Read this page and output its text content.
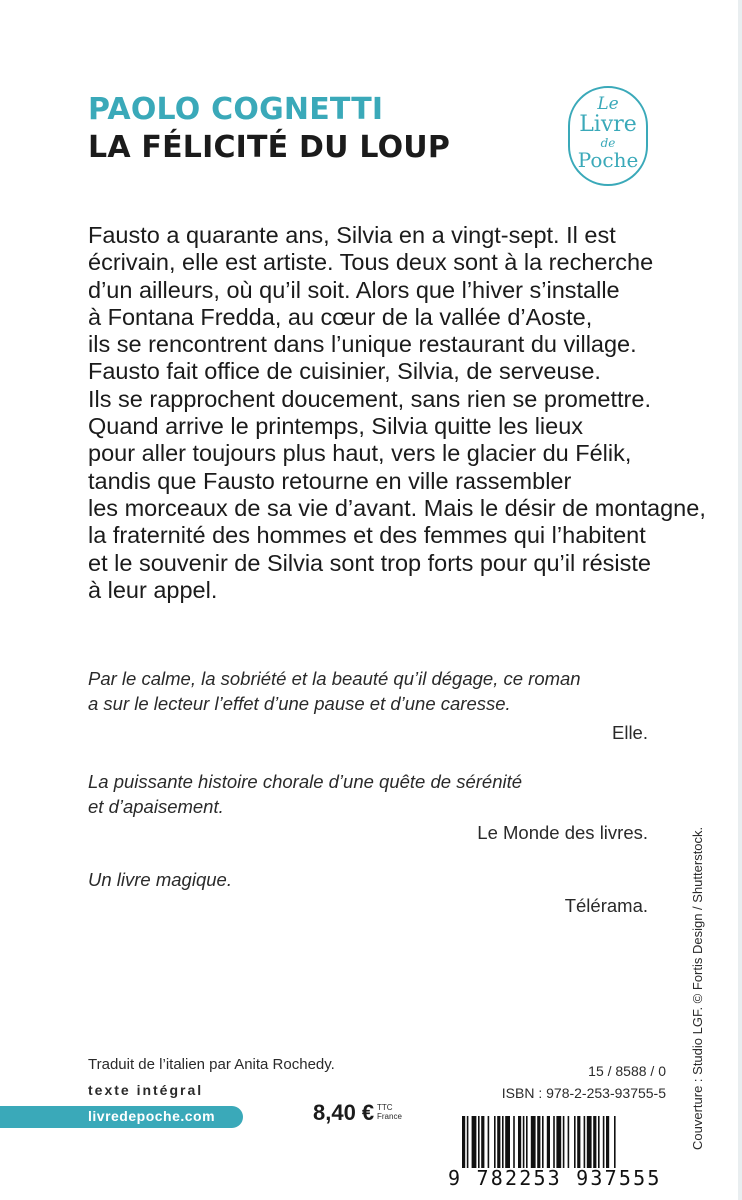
PAOLO COGNETTI
LA FÉLICITÉ DU LOUP
Le
Livre
de
Poche
Fausto a quarante ans, Silvia en a vingt-sept. Il est
écrivain, elle est artiste. Tous deux sont à la recherche
d’un ailleurs, où qu’il soit. Alors que l’hiver s’installe
à Fontana Fredda, au cœur de la vallée d’Aoste,
ils se rencontrent dans l’unique restaurant du village.
Fausto fait office de cuisinier, Silvia, de serveuse.
Ils se rapprochent doucement, sans rien se promettre.
Quand arrive le printemps, Silvia quitte les lieux
pour aller toujours plus haut, vers le glacier du Félik,
tandis que Fausto retourne en ville rassembler
les morceaux de sa vie d’avant. Mais le désir de montagne,
la fraternité des hommes et des femmes qui l’habitent
et le souvenir de Silvia sont trop forts pour qu’il résiste
à leur appel.
Par le calme, la sobriété et la beauté qu’il dégage, ce roman
a sur le lecteur l’effet d’une pause et d’une caresse.
Elle.
La puissante histoire chorale d’une quête de sérénité
et d’apaisement.
Le Monde des livres.
Un livre magique.
Télérama.	Couverture : Studio LGF. © Fortis Design / Shutterstock.
Traduit de l’italien par Anita Rochedy.
texte intégral
livredepoche.com	8,40 € TTC
France
15 / 8588 / 0
ISBN : 978-2-253-93755-5
9 782253 937555
